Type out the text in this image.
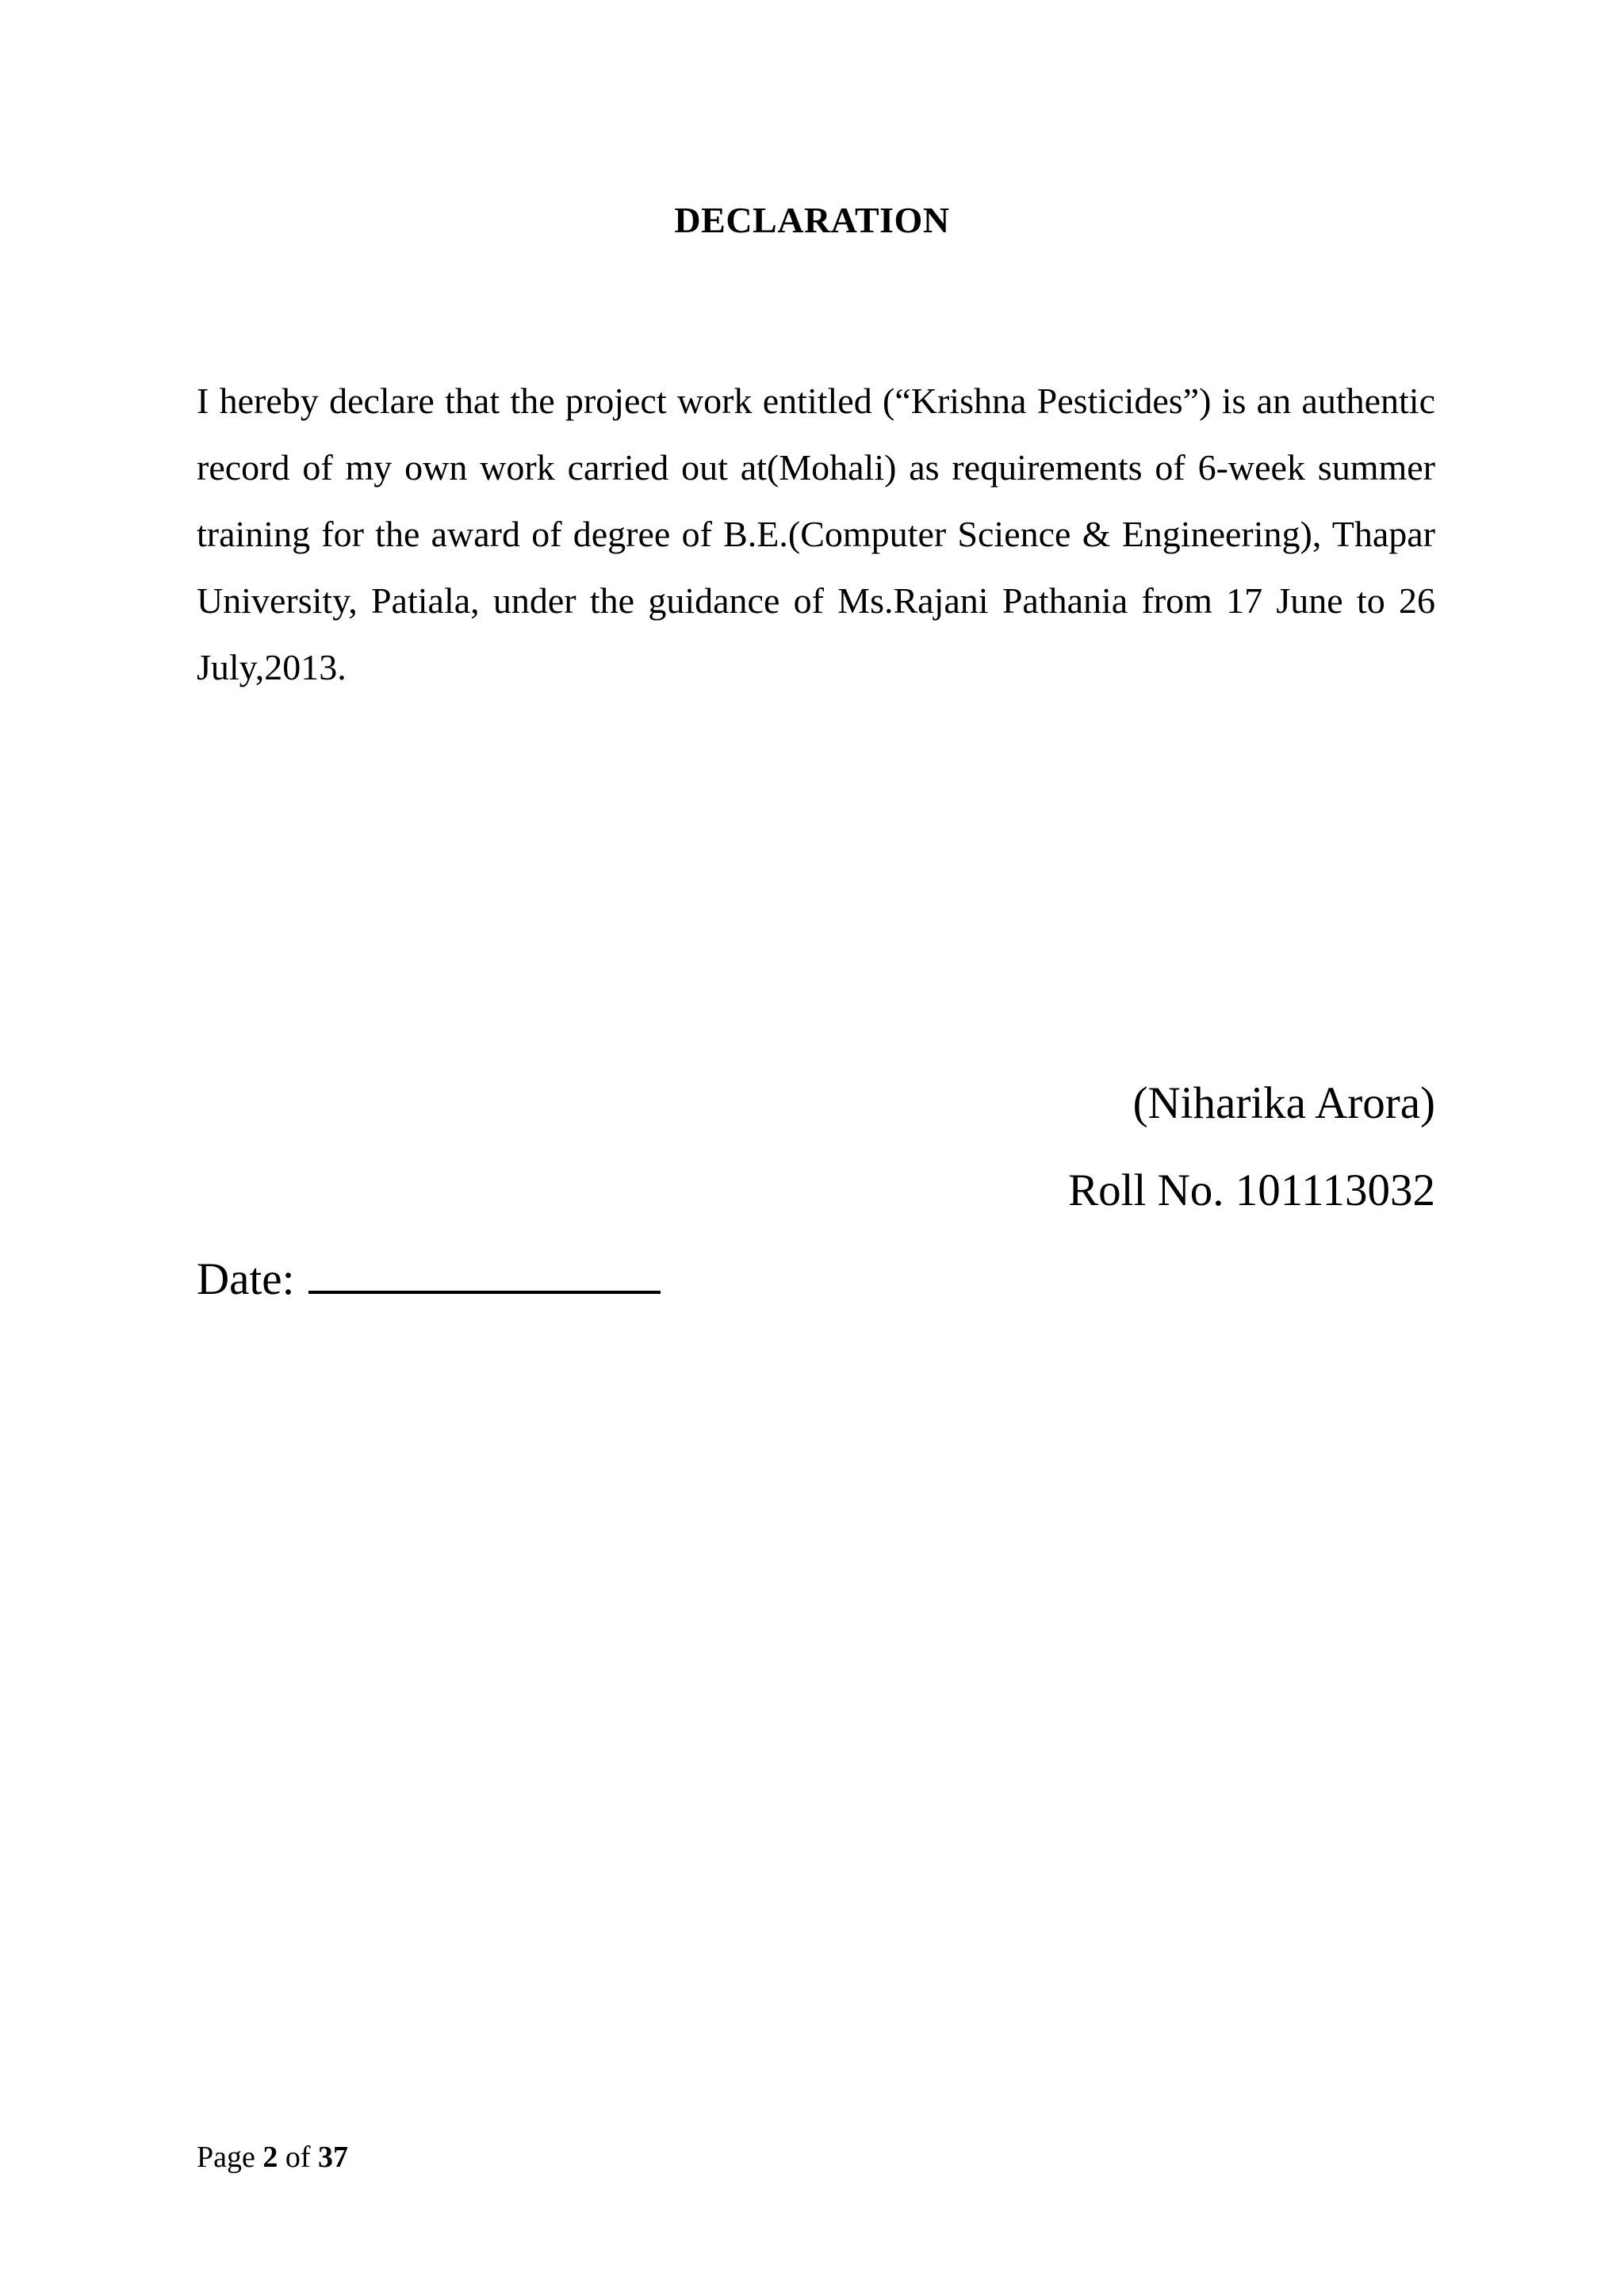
DECLARATION

I hereby declare that the project work entitled (“Krishna Pesticides”) is an authentic record of my own work carried out at(Mohali) as requirements of 6-week summer training for the award of degree of B.E.(Computer Science & Engineering), Thapar University, Patiala, under the guidance of Ms.Rajani Pathania from 17 June to 26 July,2013.

(Niharika Arora)
Roll No. 101113032
Date:
Page 2 of 37
